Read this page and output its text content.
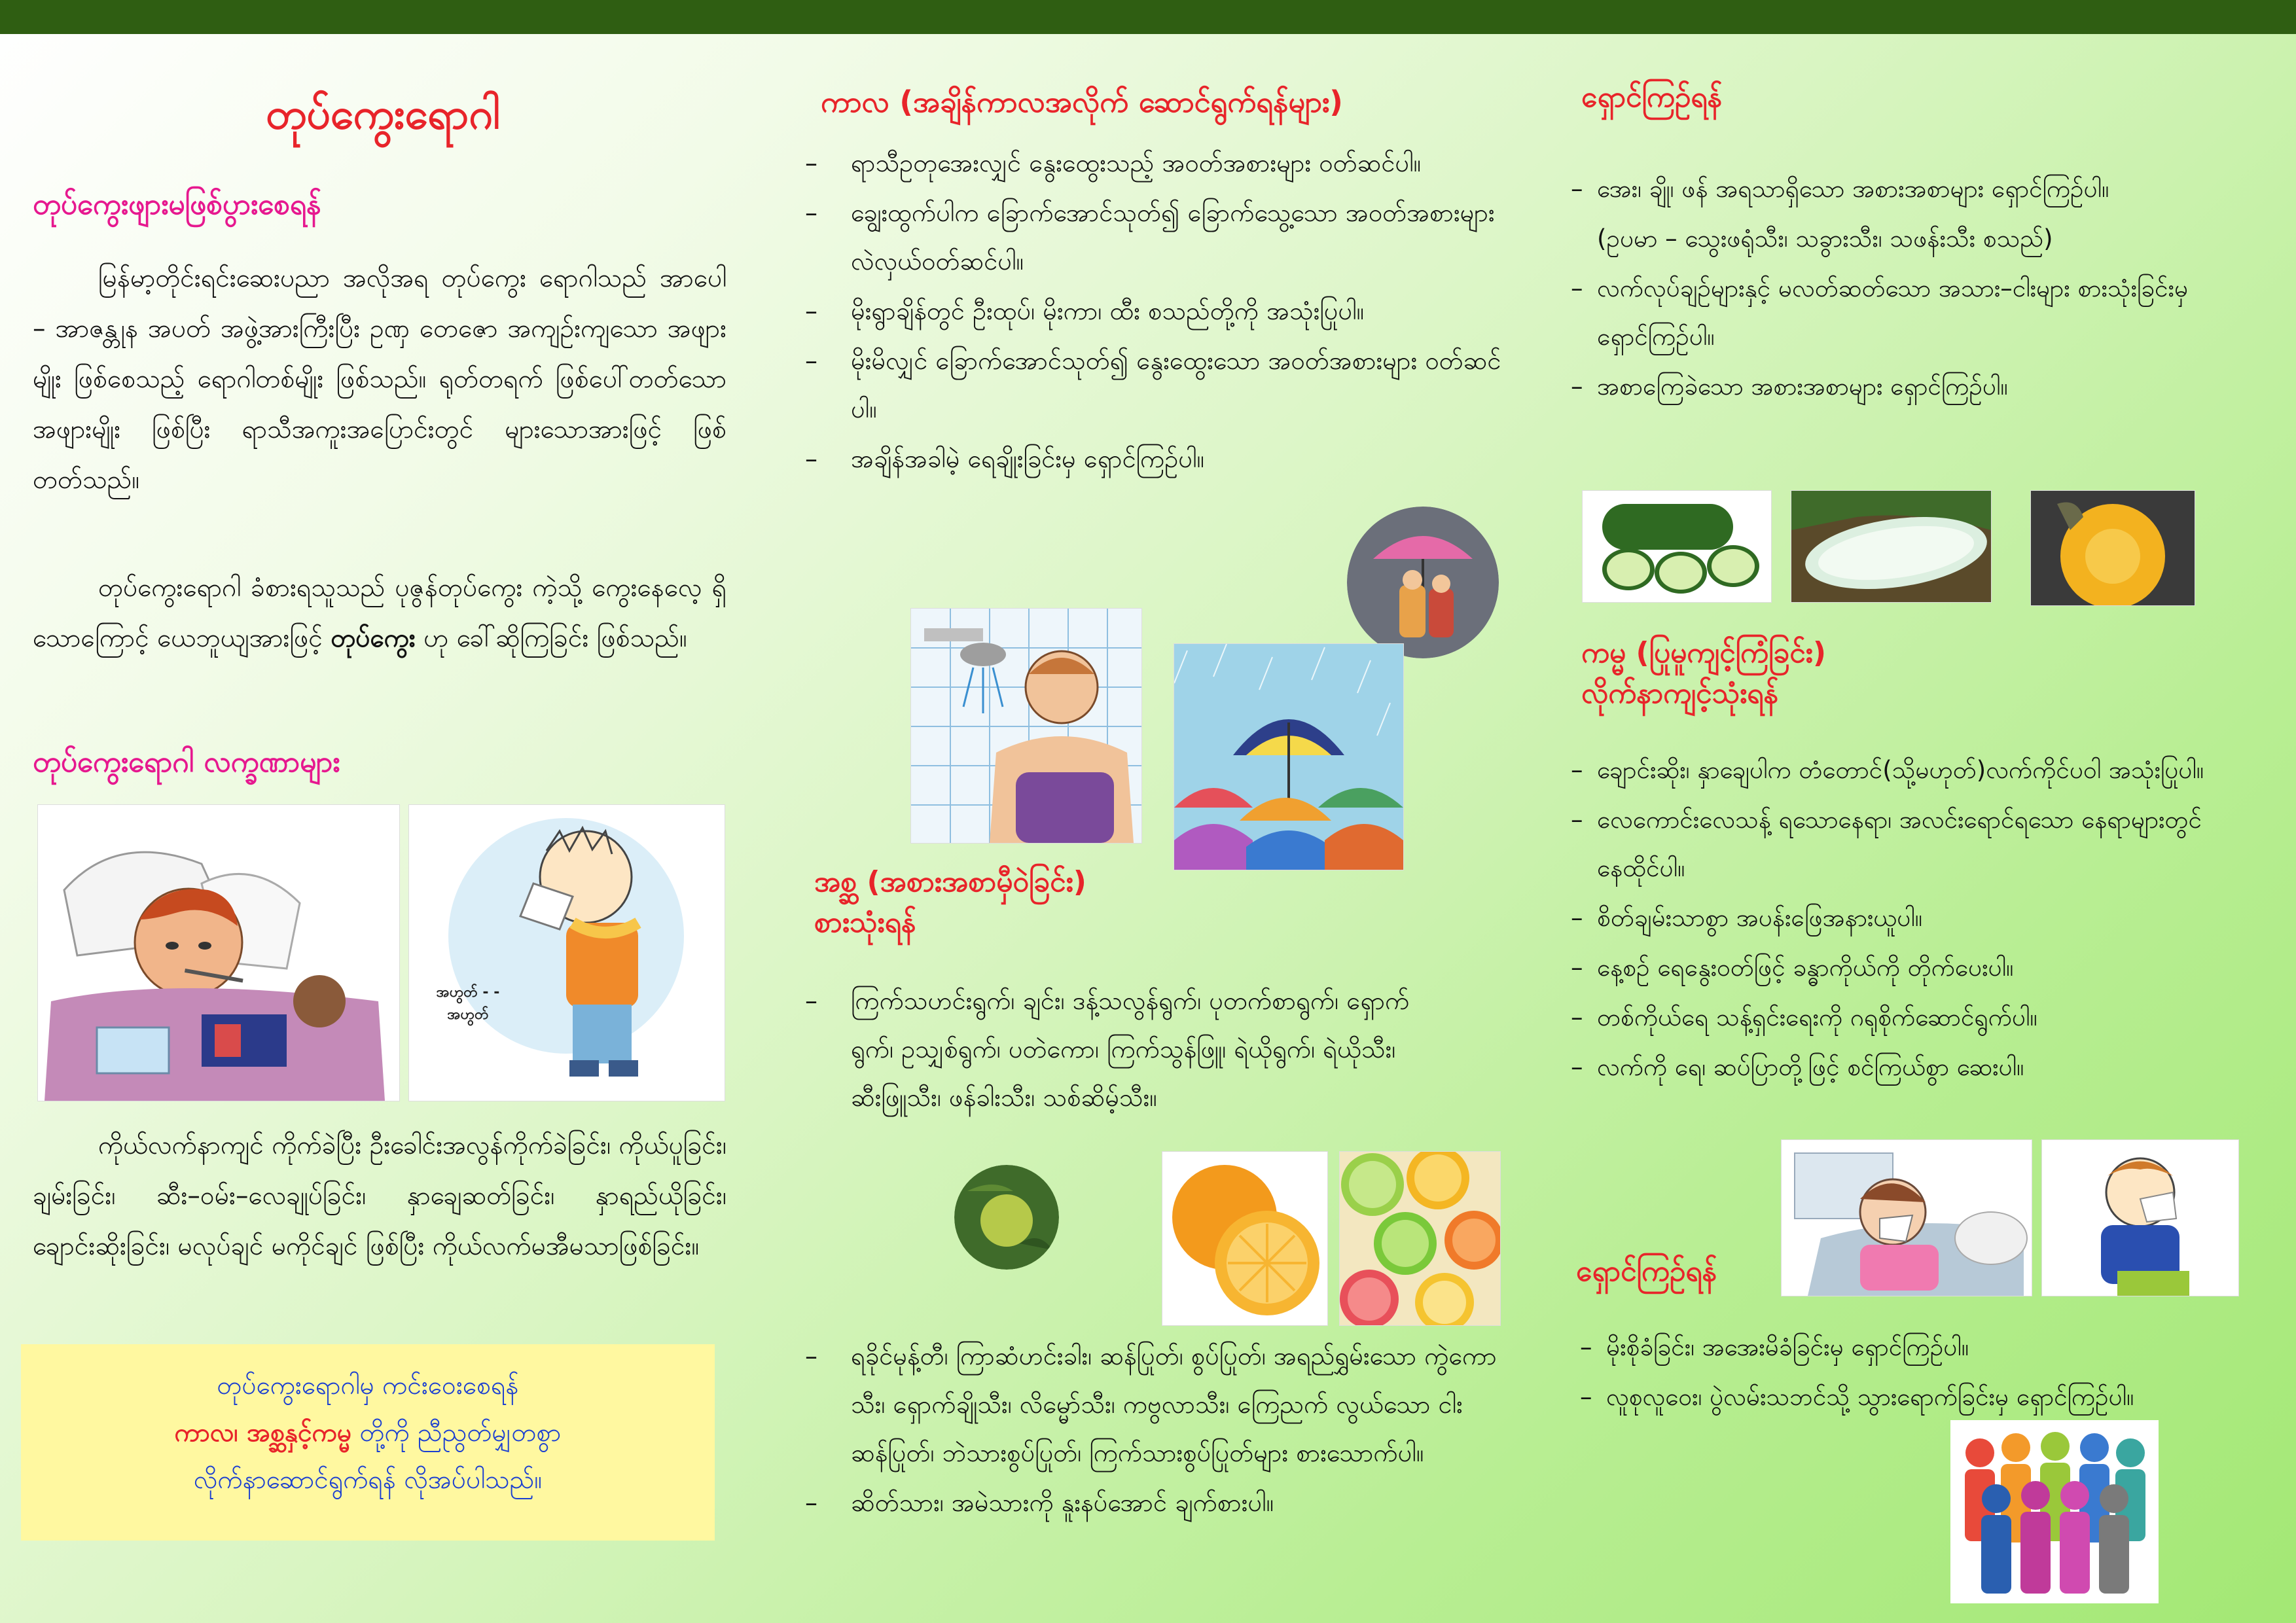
တုပ်ကွေးရောဂါ
တုပ်ကွေးဖျားမဖြစ်ပွားစေရန်

မြန်မာ့တိုင်းရင်းဆေးပညာ အလိုအရ တုပ်ကွေး ရောဂါသည် အာပေါ – အာဇန္တုန အပတ် အဖွဲ့အားကြီးပြီး ဥဏှ တေဇော အကျဉ်းကျသော အဖျားမျိုး ဖြစ်စေသည့် ရောဂါတစ်မျိုး ဖြစ်သည်။ ရုတ်တရက် ဖြစ်ပေါ်တတ်သော အဖျားမျိုး ဖြစ်ပြီး ရာသီအကူးအပြောင်းတွင် များသောအားဖြင့် ဖြစ်တတ်သည်။

တုပ်ကွေးရောဂါ ခံစားရသူသည် ပုဇွန်တုပ်ကွေး ကဲ့သို့ ကွေးနေလေ့ ရှိသောကြောင့် ယေဘူယျအားဖြင့် တုပ်ကွေး ဟု ခေါ်ဆိုကြခြင်း ဖြစ်သည်။

တုပ်ကွေးရောဂါ လက္ခဏာများ
အဟွတ် - -
အဟွတ်

ကိုယ်လက်နာကျင် ကိုက်ခဲပြီး ဦးခေါင်းအလွန်ကိုက်ခဲခြင်း၊ ကိုယ်ပူခြင်း၊ ချမ်းခြင်း၊ ဆီး–ဝမ်း–လေချုပ်ခြင်း၊ နှာချေဆတ်ခြင်း၊ နှာရည်ယိုခြင်း၊ ချောင်းဆိုးခြင်း၊ မလုပ်ချင် မကိုင်ချင် ဖြစ်ပြီး ကိုယ်လက်မအီမသာဖြစ်ခြင်း။

တုပ်ကွေးရောဂါမှ ကင်းဝေးစေရန်
ကာလ၊ အစ္ဆနှင့်ကမ္မ တို့ကို ညီညွတ်မျှတစွာ
လိုက်နာဆောင်ရွက်ရန် လိုအပ်ပါသည်။
ကာလ (အချိန်ကာလအလိုက် ဆောင်ရွက်ရန်များ)
– ရာသီဥတုအေးလျှင် နွေးထွေးသည့် အဝတ်အစားများ ဝတ်ဆင်ပါ။
– ချွေးထွက်ပါက ခြောက်အောင်သုတ်၍ ခြောက်သွေ့သော အဝတ်အစားများ လဲလှယ်ဝတ်ဆင်ပါ။
– မိုးရွာချိန်တွင် ဦးထုပ်၊ မိုးကာ၊ ထီး စသည်တို့ကို အသုံးပြုပါ။
– မိုးမိလျှင် ခြောက်အောင်သုတ်၍ နွေးထွေးသော အဝတ်အစားများ ဝတ်ဆင်ပါ။
– အချိန်အခါမဲ့ ရေချိုးခြင်းမှ ရှောင်ကြဉ်ပါ။
အစ္ဆ (အစားအစာမှီဝဲခြင်း)
စားသုံးရန်
– ကြက်သဟင်းရွက်၊ ချင်း၊ ဒန့်သလွန်ရွက်၊ ပုတက်စာရွက်၊ ရှောက်ရွက်၊ ဥသျှစ်ရွက်၊ ပတဲကော၊ ကြက်သွန်ဖြူ၊ ရဲယိုရွက်၊ ရဲယိုသီး၊ ဆီးဖြူသီး၊ ဖန်ခါးသီး၊ သစ်ဆိမ့်သီး။
– ရခိုင်မုန့်တီ၊ ကြာဆံဟင်းခါး၊ ဆန်ပြုတ်၊ စွပ်ပြုတ်၊ အရည်ရွှမ်းသော ကွဲကောသီး၊ ရှောက်ချိုသီး၊ လိမ္မော်သီး၊ ကဗွလာသီး၊ ကြေညက် လွယ်သော ငါးဆန်ပြုတ်၊ ဘဲသားစွပ်ပြုတ်၊ ကြက်သားစွပ်ပြုတ်များ စားသောက်ပါ။
– ဆိတ်သား၊ အမဲသားကို နူးနပ်အောင် ချက်စားပါ။
ရှောင်ကြဉ်ရန်
– အေး၊ ချို၊ ဖန် အရသာရှိသော အစားအစာများ ရှောင်ကြဉ်ပါ။
(ဥပမာ – သွေးဖရုံသီး၊ သခွားသီး၊ သဖန်းသီး စသည်)
– လက်လုပ်ချဉ်များနှင့် မလတ်ဆတ်သော အသား–ငါးများ စားသုံးခြင်းမှ ရှောင်ကြဉ်ပါ။
– အစာကြေခဲသော အစားအစာများ ရှောင်ကြဉ်ပါ။
ကမ္မ (ပြုမူကျင့်ကြံခြင်း)
လိုက်နာကျင့်သုံးရန်
– ချောင်းဆိုး၊ နှာချေပါက တံတောင်(သို့မဟုတ်)လက်ကိုင်ပဝါ အသုံးပြုပါ။
– လေကောင်းလေသန့် ရသောနေရာ၊ အလင်းရောင်ရသော နေရာများတွင် နေထိုင်ပါ။
– စိတ်ချမ်းသာစွာ အပန်းဖြေအနားယူပါ။
– နေ့စဉ် ရေနွေးဝတ်ဖြင့် ခန္ဓာကိုယ်ကို တိုက်ပေးပါ။
– တစ်ကိုယ်ရေ သန့်ရှင်းရေးကို ဂရုစိုက်ဆောင်ရွက်ပါ။
– လက်ကို ရေ၊ ဆပ်ပြာတို့ဖြင့် စင်ကြယ်စွာ ဆေးပါ။
ရှောင်ကြဉ်ရန်
– မိုးစိုခံခြင်း၊ အအေးမိခံခြင်းမှ ရှောင်ကြဉ်ပါ။
– လူစုလူဝေး၊ ပွဲလမ်းသဘင်သို့ သွားရောက်ခြင်းမှ ရှောင်ကြဉ်ပါ။
